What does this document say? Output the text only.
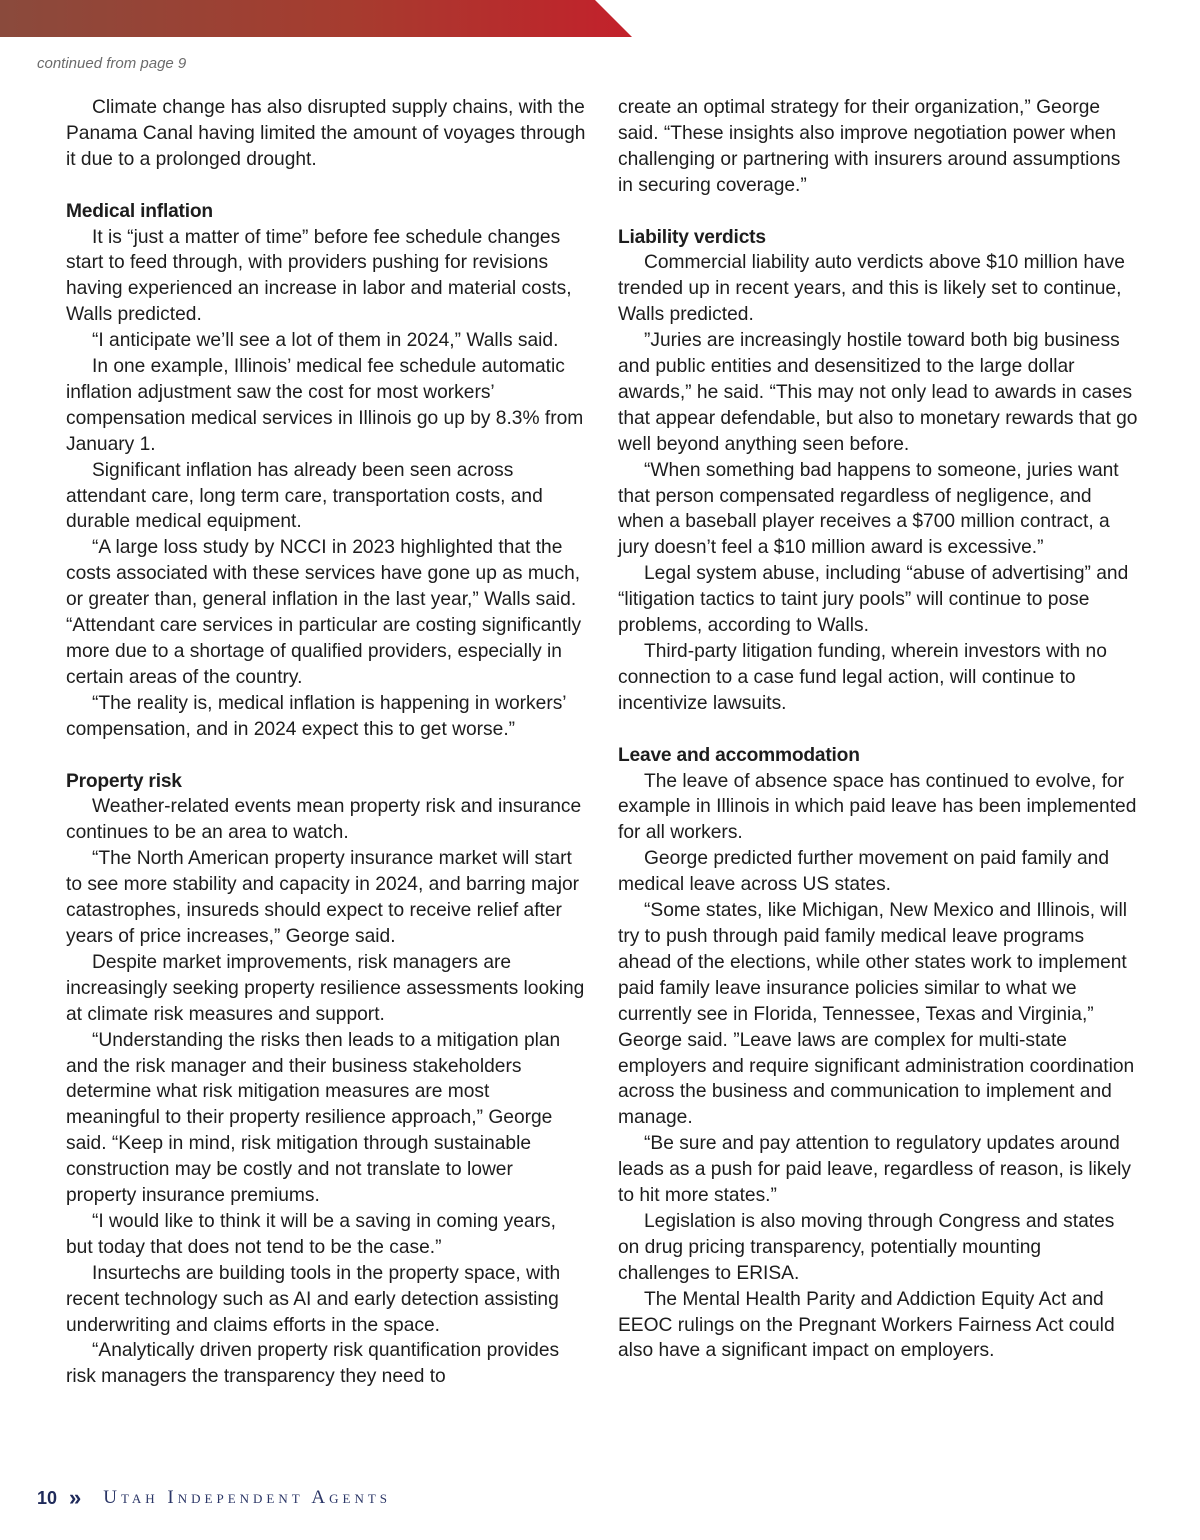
continued from page 9

Climate change has also disrupted supply chains, with the Panama Canal having limited the amount of voyages through it due to a prolonged drought.

Medical inflation

It is “just a matter of time” before fee schedule changes start to feed through, with providers pushing for revisions having experienced an increase in labor and material costs, Walls predicted.

“I anticipate we’ll see a lot of them in 2024,” Walls said.

In one example, Illinois’ medical fee schedule automatic inflation adjustment saw the cost for most workers’ compensation medical services in Illinois go up by 8.3% from January 1.

Significant inflation has already been seen across attendant care, long term care, transportation costs, and durable medical equipment.

“A large loss study by NCCI in 2023 highlighted that the costs associated with these services have gone up as much, or greater than, general inflation in the last year,” Walls said. “Attendant care services in particular are costing significantly more due to a shortage of qualified providers, especially in certain areas of the country.

“The reality is, medical inflation is happening in workers’ compensation, and in 2024 expect this to get worse.”

Property risk

Weather-related events mean property risk and insurance continues to be an area to watch.

“The North American property insurance market will start to see more stability and capacity in 2024, and barring major catastrophes, insureds should expect to receive relief after years of price increases,” George said.

Despite market improvements, risk managers are increasingly seeking property resilience assessments looking at climate risk measures and support.

“Understanding the risks then leads to a mitigation plan and the risk manager and their business stakeholders determine what risk mitigation measures are most meaningful to their property resilience approach,” George said. “Keep in mind, risk mitigation through sustainable construction may be costly and not translate to lower property insurance premiums.

“I would like to think it will be a saving in coming years, but today that does not tend to be the case.”

Insurtechs are building tools in the property space, with recent technology such as AI and early detection assisting underwriting and claims efforts in the space.

“Analytically driven property risk quantification provides risk managers the transparency they need to

create an optimal strategy for their organization,” George said. “These insights also improve negotiation power when challenging or partnering with insurers around assumptions in securing coverage.”

Liability verdicts

Commercial liability auto verdicts above $10 million have trended up in recent years, and this is likely set to continue, Walls predicted.

”Juries are increasingly hostile toward both big business and public entities and desensitized to the large dollar awards,” he said. “This may not only lead to awards in cases that appear defendable, but also to monetary rewards that go well beyond anything seen before.

“When something bad happens to someone, juries want that person compensated regardless of negligence, and when a baseball player receives a $700 million contract, a jury doesn’t feel a $10 million award is excessive.”

Legal system abuse, including “abuse of advertising” and “litigation tactics to taint jury pools” will continue to pose problems, according to Walls.

Third-party litigation funding, wherein investors with no connection to a case fund legal action, will continue to incentivize lawsuits.

Leave and accommodation

The leave of absence space has continued to evolve, for example in Illinois in which paid leave has been implemented for all workers.

George predicted further movement on paid family and medical leave across US states.

“Some states, like Michigan, New Mexico and Illinois, will try to push through paid family medical leave programs ahead of the elections, while other states work to implement paid family leave insurance policies similar to what we currently see in Florida, Tennessee, Texas and Virginia,” George said. ”Leave laws are complex for multi-state employers and require significant administration coordination across the business and communication to implement and manage.

“Be sure and pay attention to regulatory updates around leads as a push for paid leave, regardless of reason, is likely to hit more states.”

Legislation is also moving through Congress and states on drug pricing transparency, potentially mounting challenges to ERISA.

The Mental Health Parity and Addiction Equity Act and EEOC rulings on the Pregnant Workers Fairness Act could also have a significant impact on employers.

10 » Utah Independent Agents
